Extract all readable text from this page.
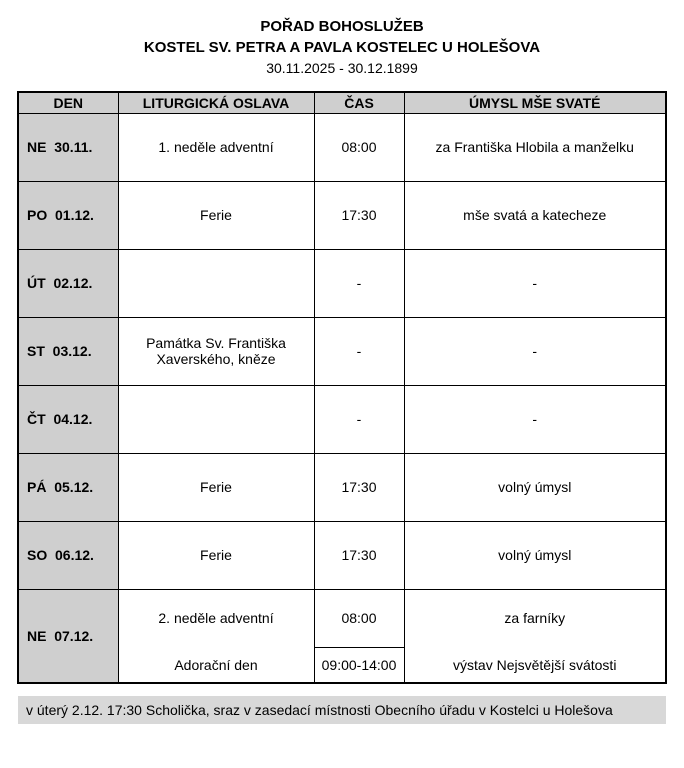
POŘAD BOHOSLUŽEB
KOSTEL SV. PETRA A PAVLA KOSTELEC U HOLEŠOVA
30.11.2025 - 30.12.1899
DEN	LITURGICKÁ OSLAVA	ČAS	ÚMYSL MŠE SVATÉ
NE  30.11.	1. neděle adventní	08:00	za Františka Hlobila a manželku
PO  01.12.	Ferie	17:30	mše svatá a katecheze
ÚT  02.12.		-	-
ST  03.12.	Památka Sv. Františka Xaverského, kněze	-	-
ČT  04.12.		-	-
PÁ  05.12.	Ferie	17:30	volný úmysl
SO  06.12.	Ferie	17:30	volný úmysl
NE  07.12.	2. neděle adventní	08:00	za farníky
	Adorační den	09:00-14:00	výstav Nejsvětější svátosti
v úterý 2.12. 17:30 Scholička, sraz v zasedací místnosti Obecního úřadu v Kostelci u Holešova
